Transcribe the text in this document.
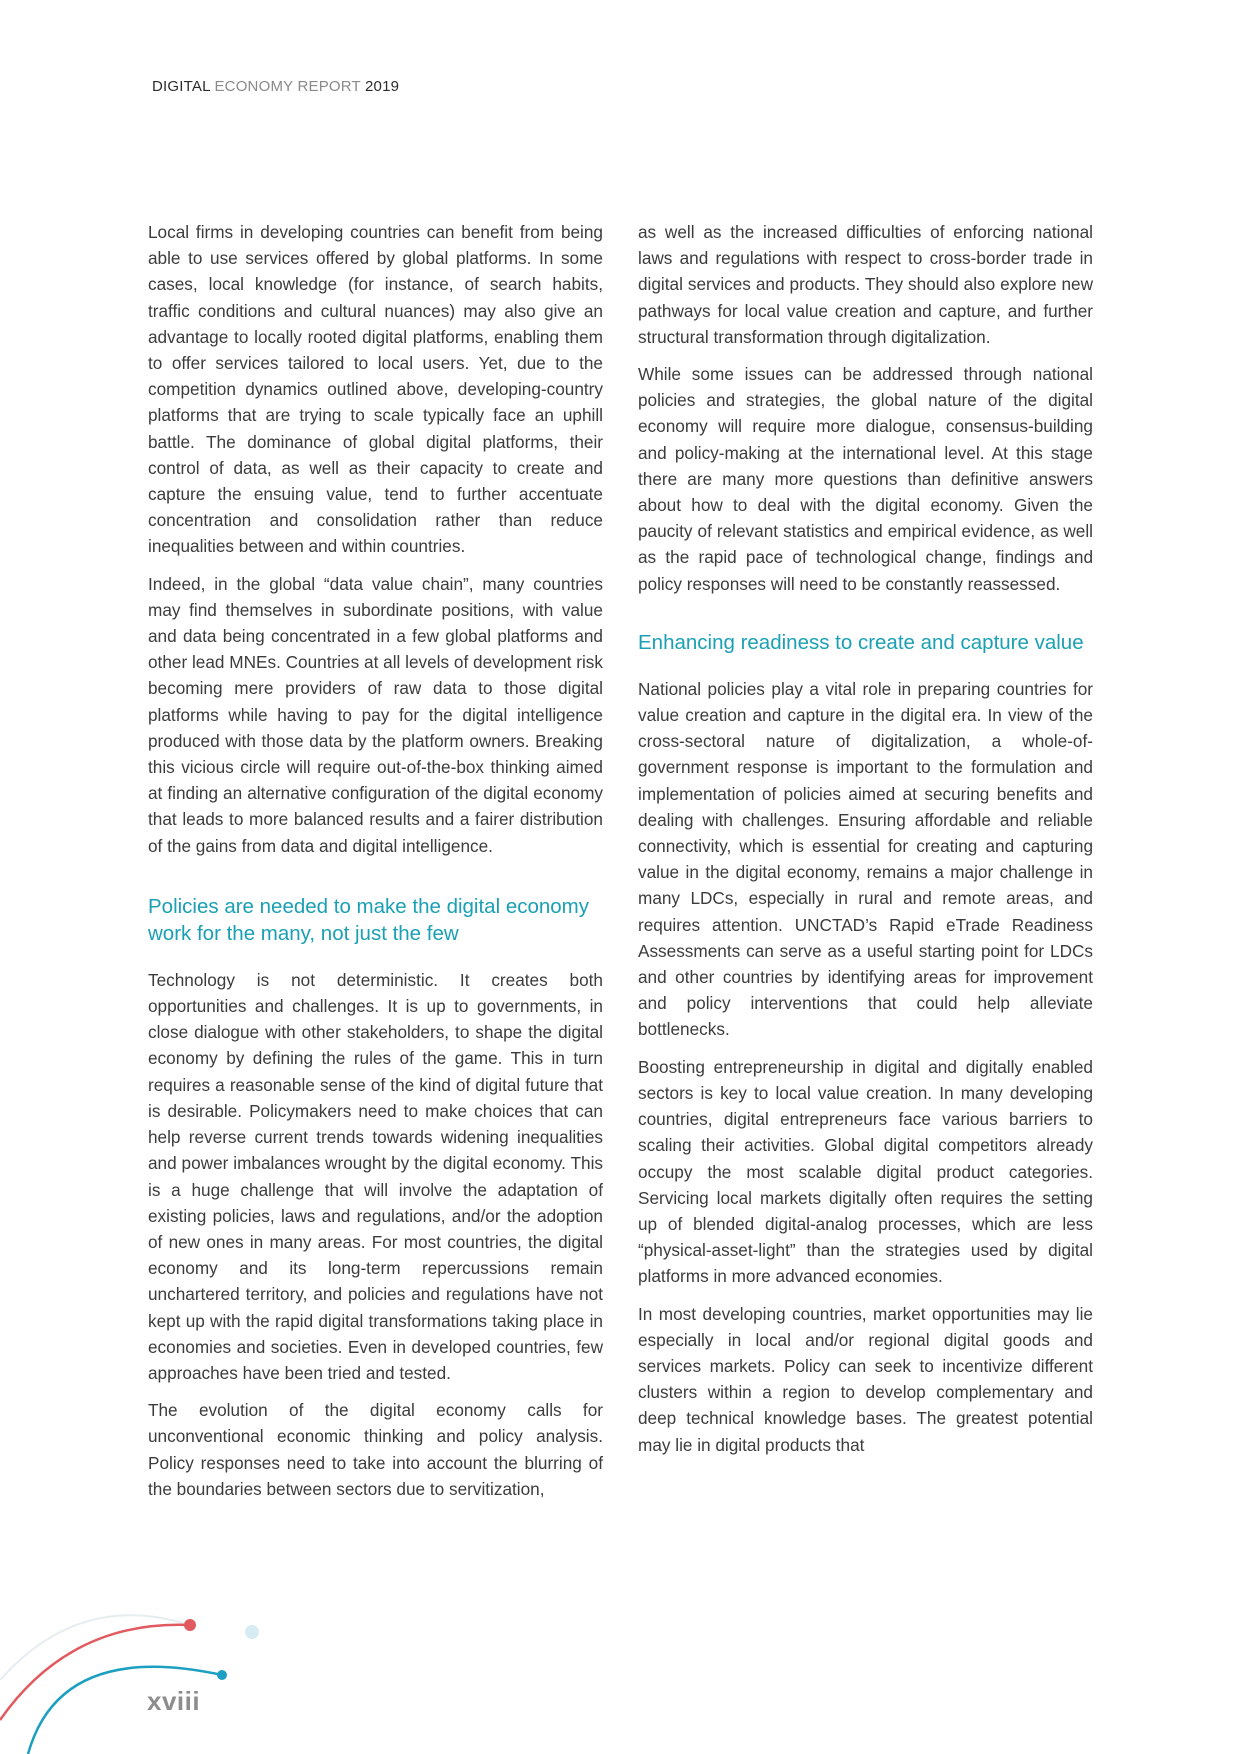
DIGITAL ECONOMY REPORT 2019

Local firms in developing countries can benefit from being able to use services offered by global platforms. In some cases, local knowledge (for instance, of search habits, traffic conditions and cultural nuances) may also give an advantage to locally rooted digital platforms, enabling them to offer services tailored to local users. Yet, due to the competition dynamics outlined above, developing-country platforms that are trying to scale typically face an uphill battle. The dominance of global digital platforms, their control of data, as well as their capacity to create and capture the ensuing value, tend to further accentuate concentration and consolidation rather than reduce inequalities between and within countries.

Indeed, in the global “data value chain”, many countries may find themselves in subordinate positions, with value and data being concentrated in a few global platforms and other lead MNEs. Countries at all levels of development risk becoming mere providers of raw data to those digital platforms while having to pay for the digital intelligence produced with those data by the platform owners. Breaking this vicious circle will require out-of-the-box thinking aimed at finding an alternative configuration of the digital economy that leads to more balanced results and a fairer distribution of the gains from data and digital intelligence.

Policies are needed to make the digital economy work for the many, not just the few

Technology is not deterministic. It creates both opportunities and challenges. It is up to governments, in close dialogue with other stakeholders, to shape the digital economy by defining the rules of the game. This in turn requires a reasonable sense of the kind of digital future that is desirable. Policymakers need to make choices that can help reverse current trends towards widening inequalities and power imbalances wrought by the digital economy. This is a huge challenge that will involve the adaptation of existing policies, laws and regulations, and/or the adoption of new ones in many areas. For most countries, the digital economy and its long-term repercussions remain unchartered territory, and policies and regulations have not kept up with the rapid digital transformations taking place in economies and societies. Even in developed countries, few approaches have been tried and tested.

The evolution of the digital economy calls for unconventional economic thinking and policy analysis. Policy responses need to take into account the blurring of the boundaries between sectors due to servitization,

as well as the increased difficulties of enforcing national laws and regulations with respect to cross-border trade in digital services and products. They should also explore new pathways for local value creation and capture, and further structural transformation through digitalization.

While some issues can be addressed through national policies and strategies, the global nature of the digital economy will require more dialogue, consensus-building and policy-making at the international level. At this stage there are many more questions than definitive answers about how to deal with the digital economy. Given the paucity of relevant statistics and empirical evidence, as well as the rapid pace of technological change, findings and policy responses will need to be constantly reassessed.

Enhancing readiness to create and capture value

National policies play a vital role in preparing countries for value creation and capture in the digital era. In view of the cross-sectoral nature of digitalization, a whole-of-government response is important to the formulation and implementation of policies aimed at securing benefits and dealing with challenges. Ensuring affordable and reliable connectivity, which is essential for creating and capturing value in the digital economy, remains a major challenge in many LDCs, especially in rural and remote areas, and requires attention. UNCTAD’s Rapid eTrade Readiness Assessments can serve as a useful starting point for LDCs and other countries by identifying areas for improvement and policy interventions that could help alleviate bottlenecks.

Boosting entrepreneurship in digital and digitally enabled sectors is key to local value creation. In many developing countries, digital entrepreneurs face various barriers to scaling their activities. Global digital competitors already occupy the most scalable digital product categories. Servicing local markets digitally often requires the setting up of blended digital-analog processes, which are less “physical-asset-light” than the strategies used by digital platforms in more advanced economies.

In most developing countries, market opportunities may lie especially in local and/or regional digital goods and services markets. Policy can seek to incentivize different clusters within a region to develop complementary and deep technical knowledge bases. The greatest potential may lie in digital products that

xviii
